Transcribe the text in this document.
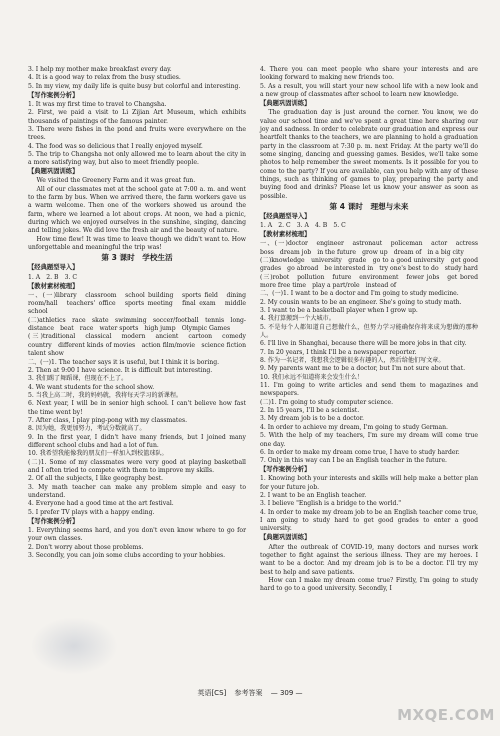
3. I help my mother make breakfast every day.
4. It is a good way to relax from the busy studies.
5. In my view, my daily life is quite busy but colorful and interesting.
【写作案例分析】
1. It was my first time to travel to Changsha.
2. First, we paid a visit to Li Zijian Art Museum, which exhibits thousands of paintings of the famous painter.
3. There were fishes in the pond and fruits were everywhere on the trees.
4. The food was so delicious that I really enjoyed myself.
5. The trip to Changsha not only allowed me to learn about the city in a more satisfying way, but also to meet friendly people.
【典题巩固训练】
We visited the Greenery Farm and it was great fun.
All of our classmates met at the school gate at 7:00 a. m. and went to the farm by bus. When we arrived there, the farm workers gave us a warm welcome. Then one of the workers showed us around the farm, where we learned a lot about crops. At noon, we had a picnic, during which we enjoyed ourselves in the sunshine, singing, dancing and telling jokes. We did love the fresh air and the beauty of nature.
How time flew! It was time to leave though we didn't want to. How unforgettable and meaningful the trip was!
第 3 课时　学校生活
【经典题型导入】
1. A　2. B　3. C
【教材素材梳理】
一、(一)library　classroom　school building　sports field　dining room/hall　teachers' office　sports meeting　final exam　middle school
(二)athletics　race　skate　swimming　soccer/football　tennis　long-distance　beat　race　water sports　high jump　Olympic Games
(三)traditional　classical　modern　ancient　cartoon　comedy　country　different kinds of movies　action film/movie　science fiction　talent show
二、(一)1. The teacher says it is useful, but I think it is boring.
2. Then at 9:00 I have science. It is difficult but interesting.
3. 我们踢了舞蹈课，但现在不上了。
4. We want students for the school show.
5. 当我上高二时，我的妈妈就，我将每天学习的新课程。
6. Next year, I will be in senior high school. I can't believe how fast the time went by!
7. After class, I play ping-pong with my classmates.
8. 因为她，我更加努力，考试分数就高了。
9. In the first year, I didn't have many friends, but I joined many different school clubs and had a lot of fun.
10. 我希望我能像我的朋友们一样加入到校篮球队。
(二)1. Some of my classmates were very good at playing basketball and I often tried to compete with them to improve my skills.
2. Of all the subjects, I like geography best.
3. My math teacher can make any problem simple and easy to understand.
4. Everyone had a good time at the art festival.
5. I prefer TV plays with a happy ending.
【写作案例分析】
1. Everything seems hard, and you don't even know where to go for your own classes.
2. Don't worry about those problems.
3. Secondly, you can join some clubs according to your hobbies.
4. There you can meet people who share your interests and are looking forward to making new friends too.
5. As a result, you will start your new school life with a new look and a new group of classmates after school to learn new knowledge.
【典题巩固训练】
The graduation day is just around the corner. You know, we do value our school time and we've spent a great time here sharing our joy and sadness. In order to celebrate our graduation and express our heartfelt thanks to the teachers, we are planning to hold a graduation party in the classroom at 7:30 p. m. next Friday. At the party we'll do some singing, dancing and guessing games. Besides, we'll take some photos to help remember the sweet moments. Is it possible for you to come to the party? If you are available, can you help with any of these things, such as thinking of games to play, preparing the party and buying food and drinks? Please let us know your answer as soon as possible.
第 4 课时　理想与未来
【经典题型导入】
1. A　2. C　3. A　4. B　5. C
【教材素材梳理】
一、(一)doctor　engineer　astronaut　policeman　actor　actress　boss　dream job　in the future　grow up　dream of　in a big city
(二)knowledge　university　grade　go to a good university　get good grades　go abroad　be interested in　try one's best to do　study hard
(三)robot　pollution　future　environment　fewer jobs　get bored　more free time　play a part/role　instead of
二、(一)1. I want to be a doctor and I'm going to study medicine.
2. My cousin wants to be an engineer. She's going to study math.
3. I want to be a basketball player when I grow up.
4. 我打算搬到一个大城市。
5. 不是每个人都知道自己想做什么，但努力学习能确保你将来成为想做的那种人。
6. I'll live in Shanghai, because there will be more jobs in that city.
7. In 20 years, I think I'll be a newspaper reporter.
8. 作为一名记者，我想我会逻辑很多有趣的人，然后给他们写文章。
9. My parents want me to be a doctor, but I'm not sure about that.
10. 我们永远不知道将来会发生什么！
11. I'm going to write articles and send them to magazines and newspapers.
(二)1. I'm going to study computer science.
2. In 15 years, I'll be a scientist.
3. My dream job is to be a doctor.
4. In order to achieve my dream, I'm going to study German.
5. With the help of my teachers, I'm sure my dream will come true one day.
6. In order to make my dream come true, I have to study harder.
7. Only in this way can I be an English teacher in the future.
【写作案例分析】
1. Knowing both your interests and skills will help make a better plan for your future job.
2. I want to be an English teacher.
3. I believe "English is a bridge to the world."
4. In order to make my dream job to be an English teacher come true, I am going to study hard to get good grades to enter a good university.
【典题巩固训练】
After the outbreak of COVID-19, many doctors and nurses work together to fight against the serious illness. They are my heroes. I want to be a doctor. And my dream job is to be a doctor. I'll try my best to help and save patients.
How can I make my dream come true? Firstly, I'm going to study hard to go to a good university. Secondly, I
英语[CS] 参考答案 — 309 —
MXQE.COM
